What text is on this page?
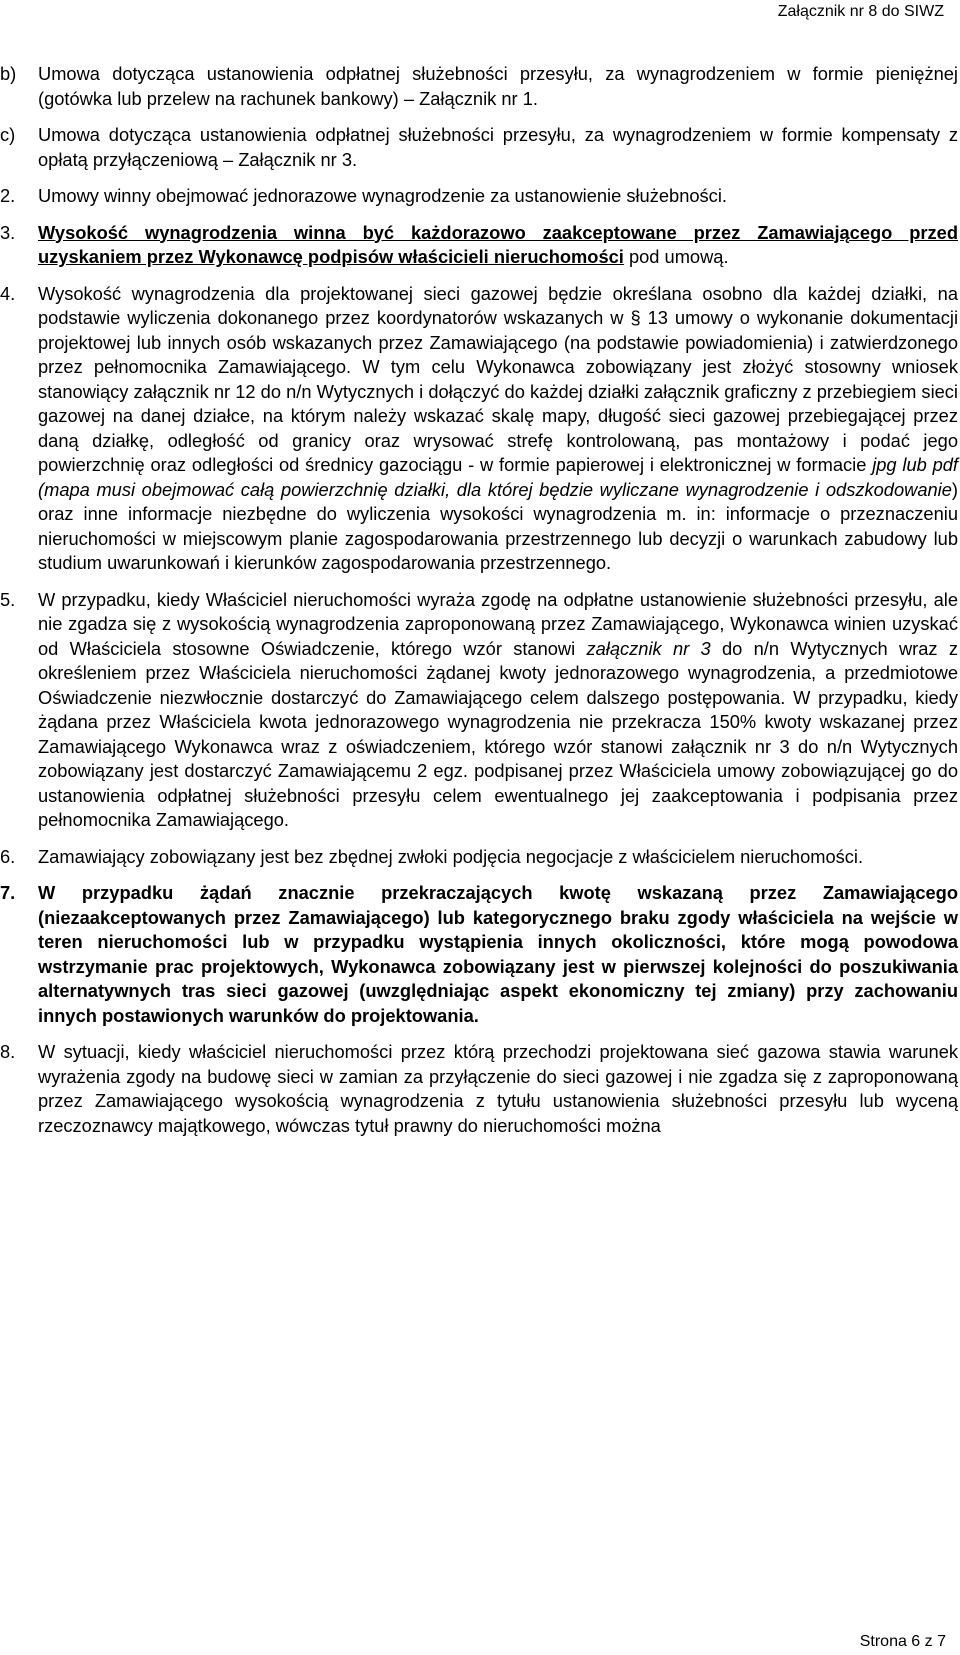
Załącznik nr 8 do SIWZ
b) Umowa dotycząca ustanowienia odpłatnej służebności przesyłu, za wynagrodzeniem w formie pieniężnej (gotówka lub przelew na rachunek bankowy) – Załącznik nr 1.
c) Umowa dotycząca ustanowienia odpłatnej służebności przesyłu, za wynagrodzeniem w formie kompensaty z opłatą przyłączeniową – Załącznik nr 3.
2. Umowy winny obejmować jednorazowe wynagrodzenie za ustanowienie służebności.
3. Wysokość wynagrodzenia winna być każdorazowo zaakceptowane przez Zamawiającego przed uzyskaniem przez Wykonawcę podpisów właścicieli nieruchomości pod umową.
4. Wysokość wynagrodzenia dla projektowanej sieci gazowej będzie określana osobno dla każdej działki, na podstawie wyliczenia dokonanego przez koordynatorów wskazanych w § 13 umowy o wykonanie dokumentacji projektowej lub innych osób wskazanych przez Zamawiającego (na podstawie powiadomienia) i zatwierdzonego przez pełnomocnika Zamawiającego. W tym celu Wykonawca zobowiązany jest złożyć stosowny wniosek stanowiący załącznik nr 12 do n/n Wytycznych i dołączyć do każdej działki załącznik graficzny z przebiegiem sieci gazowej na danej działce, na którym należy wskazać skalę mapy, długość sieci gazowej przebiegającej przez daną działkę, odległość od granicy oraz wrysować strefę kontrolowaną, pas montażowy i podać jego powierzchnię oraz odległości od średnicy gazociągu - w formie papierowej i elektronicznej w formacie jpg lub pdf (mapa musi obejmować całą powierzchnię działki, dla której będzie wyliczane wynagrodzenie i odszkodowanie) oraz inne informacje niezbędne do wyliczenia wysokości wynagrodzenia m. in: informacje o przeznaczeniu nieruchomości w miejscowym planie zagospodarowania przestrzennego lub decyzji o warunkach zabudowy lub studium uwarunkowań i kierunków zagospodarowania przestrzennego.
5. W przypadku, kiedy Właściciel nieruchomości wyraża zgodę na odpłatne ustanowienie służebności przesyłu, ale nie zgadza się z wysokością wynagrodzenia zaproponowaną przez Zamawiającego, Wykonawca winien uzyskać od Właściciela stosowne Oświadczenie, którego wzór stanowi załącznik nr 3 do n/n Wytycznych wraz z określeniem przez Właściciela nieruchomości żądanej kwoty jednorazowego wynagrodzenia, a przedmiotowe Oświadczenie niezwłocznie dostarczyć do Zamawiającego celem dalszego postępowania. W przypadku, kiedy żądana przez Właściciela kwota jednorazowego wynagrodzenia nie przekracza 150% kwoty wskazanej przez Zamawiającego Wykonawca wraz z oświadczeniem, którego wzór stanowi załącznik nr 3 do n/n Wytycznych zobowiązany jest dostarczyć Zamawiającemu 2 egz. podpisanej przez Właściciela umowy zobowiązującej go do ustanowienia odpłatnej służebności przesyłu celem ewentualnego jej zaakceptowania i podpisania przez pełnomocnika Zamawiającego.
6. Zamawiający zobowiązany jest bez zbędnej zwłoki podjęcia negocjacje z właścicielem nieruchomości.
7. W przypadku żądań znacznie przekraczających kwotę wskazaną przez Zamawiającego (niezaakceptowanych przez Zamawiającego) lub kategorycznego braku zgody właściciela na wejście w teren nieruchomości lub w przypadku wystąpienia innych okoliczności, które mogą powodowa wstrzymanie prac projektowych, Wykonawca zobowiązany jest w pierwszej kolejności do poszukiwania alternatywnych tras sieci gazowej (uwzględniając aspekt ekonomiczny tej zmiany) przy zachowaniu innych postawionych warunków do projektowania.
8. W sytuacji, kiedy właściciel nieruchomości przez którą przechodzi projektowana sieć gazowa stawia warunek wyrażenia zgody na budowę sieci w zamian za przyłączenie do sieci gazowej i nie zgadza się z zaproponowaną przez Zamawiającego wysokością wynagrodzenia z tytułu ustanowienia służebności przesyłu lub wyceną rzeczoznawcy majątkowego, wówczas tytuł prawny do nieruchomości można
Strona 6 z 7
